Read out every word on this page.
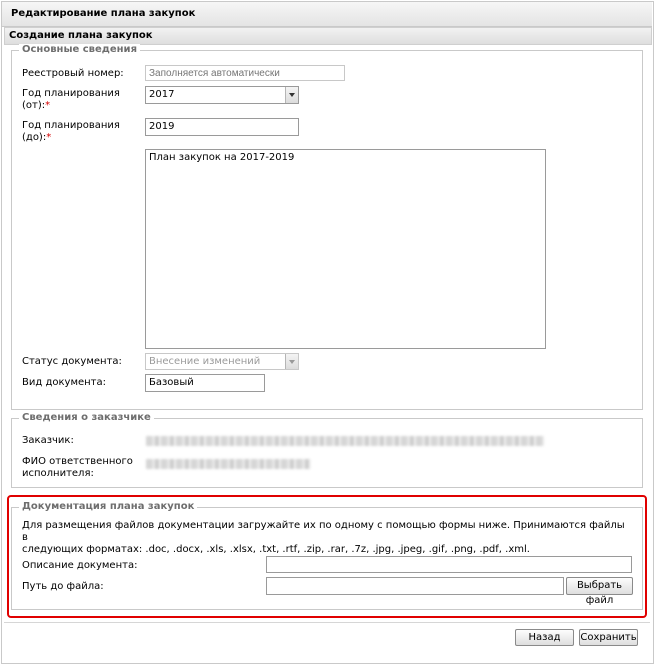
Редактирование плана закупок
Создание плана закупок
Основные сведения
Реестровый номер:
Заполняется автоматически
Год планирования
(от):*
2017
Год планирования
(до):*
2019
План закупок на 2017-2019
Статус документа:	Внесение изменений
Вид документа:	Базовый
Сведения о заказчике
Заказчик:
ФИО ответственного
исполнителя:
Документация плана закупок
Для размещения файлов документации загружайте их по одному с помощью формы ниже. Принимаются файлы в
следующих форматах: .doc, .docx, .xls, .xlsx, .txt, .rtf, .zip, .rar, .7z, .jpg, .jpeg, .gif, .png, .pdf, .xml.
Описание документа:
Путь до файла:	Выбрать файл
Назад	Сохранить
